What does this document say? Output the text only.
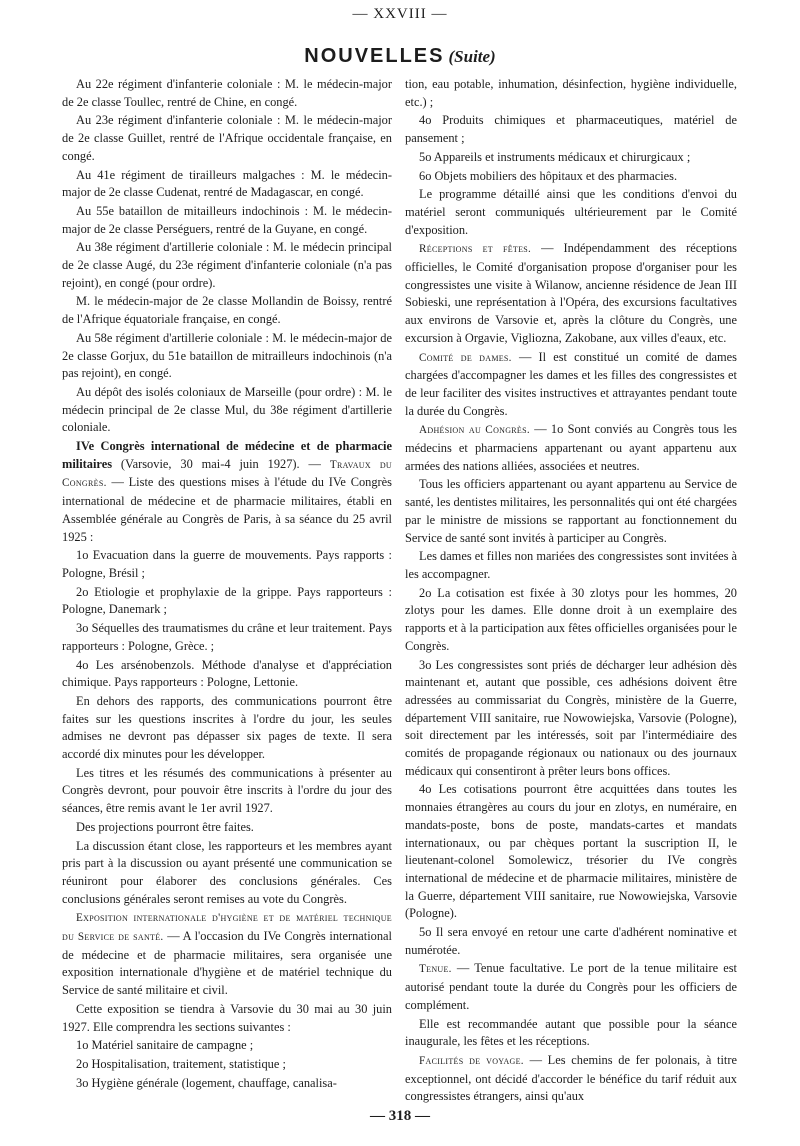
— XXVIII —
NOUVELLES (Suite)

Au 22e régiment d'infanterie coloniale : M. le médecin-major de 2e classe Toullec, rentré de Chine, en congé.

Au 23e régiment d'infanterie coloniale : M. le médecin-major de 2e classe Guillet, rentré de l'Afrique occidentale française, en congé.

Au 41e régiment de tirailleurs malgaches : M. le médecin-major de 2e classe Cudenat, rentré de Madagascar, en congé.

Au 55e bataillon de mitailleurs indochinois : M. le médecin-major de 2e classe Perséguers, rentré de la Guyane, en congé.

Au 38e régiment d'artillerie coloniale : M. le médecin principal de 2e classe Augé, du 23e régiment d'infanterie coloniale (n'a pas rejoint), en congé (pour ordre).

M. le médecin-major de 2e classe Mollandin de Boissy, rentré de l'Afrique équatoriale française, en congé.

Au 58e régiment d'artillerie coloniale : M. le médecin-major de 2e classe Gorjux, du 51e bataillon de mitrailleurs indochinois (n'a pas rejoint), en congé.

Au dépôt des isolés coloniaux de Marseille (pour ordre) : M. le médecin principal de 2e classe Mul, du 38e régiment d'artillerie coloniale.

IVe Congrès international de médecine et de pharmacie militaires (Varsovie, 30 mai-4 juin 1927). — Travaux du Congrès. — Liste des questions mises à l'étude du IVe Congrès international de médecine et de pharmacie militaires, établi en Assemblée générale au Congrès de Paris, à sa séance du 25 avril 1925 :

1o Evacuation dans la guerre de mouvements. Pays rapports : Pologne, Brésil ;

2o Etiologie et prophylaxie de la grippe. Pays rapporteurs : Pologne, Danemark ;

3o Séquelles des traumatismes du crâne et leur traitement. Pays rapporteurs : Pologne, Grèce. ;

4o Les arsénobenzols. Méthode d'analyse et d'appréciation chimique. Pays rapporteurs : Pologne, Lettonie.

En dehors des rapports, des communications pourront être faites sur les questions inscrites à l'ordre du jour, les seules admises ne devront pas dépasser six pages de texte. Il sera accordé dix minutes pour les développer.

Les titres et les résumés des communications à présenter au Congrès devront, pour pouvoir être inscrits à l'ordre du jour des séances, être remis avant le 1er avril 1927.

Des projections pourront être faites.

La discussion étant close, les rapporteurs et les membres ayant pris part à la discussion ou ayant présenté une communication se réuniront pour élaborer des conclusions générales. Ces conclusions générales seront remises au vote du Congrès.

Exposition internationale d'hygiène et de matériel technique du Service de santé. — A l'occasion du IVe Congrès international de médecine et de pharmacie militaires, sera organisée une exposition internationale d'hygiène et de matériel technique du Service de santé militaire et civil.

Cette exposition se tiendra à Varsovie du 30 mai au 30 juin 1927. Elle comprendra les sections suivantes :

1o Matériel sanitaire de campagne ;

2o Hospitalisation, traitement, statistique ;

3o Hygiène générale (logement, chauffage, canalisa-

tion, eau potable, inhumation, désinfection, hygiène individuelle, etc.) ;

4o Produits chimiques et pharmaceutiques, matériel de pansement ;

5o Appareils et instruments médicaux et chirurgicaux ;

6o Objets mobiliers des hôpitaux et des pharmacies.

Le programme détaillé ainsi que les conditions d'envoi du matériel seront communiqués ultérieurement par le Comité d'exposition.

Réceptions et fêtes. — Indépendamment des réceptions officielles, le Comité d'organisation propose d'organiser pour les congressistes une visite à Wilanow, ancienne résidence de Jean III Sobieski, une représentation à l'Opéra, des excursions facultatives aux environs de Varsovie et, après la clôture du Congrès, une excursion à Orgavie, Vigliozna, Zakobane, aux villes d'eaux, etc.

Comité de dames. — Il est constitué un comité de dames chargées d'accompagner les dames et les filles des congressistes et de leur faciliter des visites instructives et attrayantes pendant toute la durée du Congrès.

Adhésion au Congrès. — 1o Sont conviés au Congrès tous les médecins et pharmaciens appartenant ou ayant appartenu aux armées des nations alliées, associées et neutres.

Tous les officiers appartenant ou ayant appartenu au Service de santé, les dentistes militaires, les personnalités qui ont été chargées par le ministre de missions se rapportant au fonctionnement du Service de santé sont invités à participer au Congrès.

Les dames et filles non mariées des congressistes sont invitées à les accompagner.

2o La cotisation est fixée à 30 zlotys pour les hommes, 20 zlotys pour les dames. Elle donne droit à un exemplaire des rapports et à la participation aux fêtes officielles organisées pour le Congrès.

3o Les congressistes sont priés de décharger leur adhésion dès maintenant et, autant que possible, ces adhésions doivent être adressées au commissariat du Congrès, ministère de la Guerre, département VIII sanitaire, rue Nowowiejska, Varsovie (Pologne), soit directement par les intéressés, soit par l'intermédiaire des comités de propagande régionaux ou nationaux ou des journaux médicaux qui consentiront à prêter leurs bons offices.

4o Les cotisations pourront être acquittées dans toutes les monnaies étrangères au cours du jour en zlotys, en numéraire, en mandats-poste, bons de poste, mandats-cartes et mandats internationaux, ou par chèques portant la suscription II, le lieutenant-colonel Somolewicz, trésorier du IVe congrès international de médecine et de pharmacie militaires, ministère de la Guerre, département VIII sanitaire, rue Nowowiejska, Varsovie (Pologne).

5o Il sera envoyé en retour une carte d'adhérent nominative et numérotée.

Tenue. — Tenue facultative. Le port de la tenue militaire est autorisé pendant toute la durée du Congrès pour les officiers de complément.

Elle est recommandée autant que possible pour la séance inaugurale, les fêtes et les réceptions.

Facilités de voyage. — Les chemins de fer polonais, à titre exceptionnel, ont décidé d'accorder le bénéfice du tarif réduit aux congressistes étrangers, ainsi qu'aux

— 318 —
